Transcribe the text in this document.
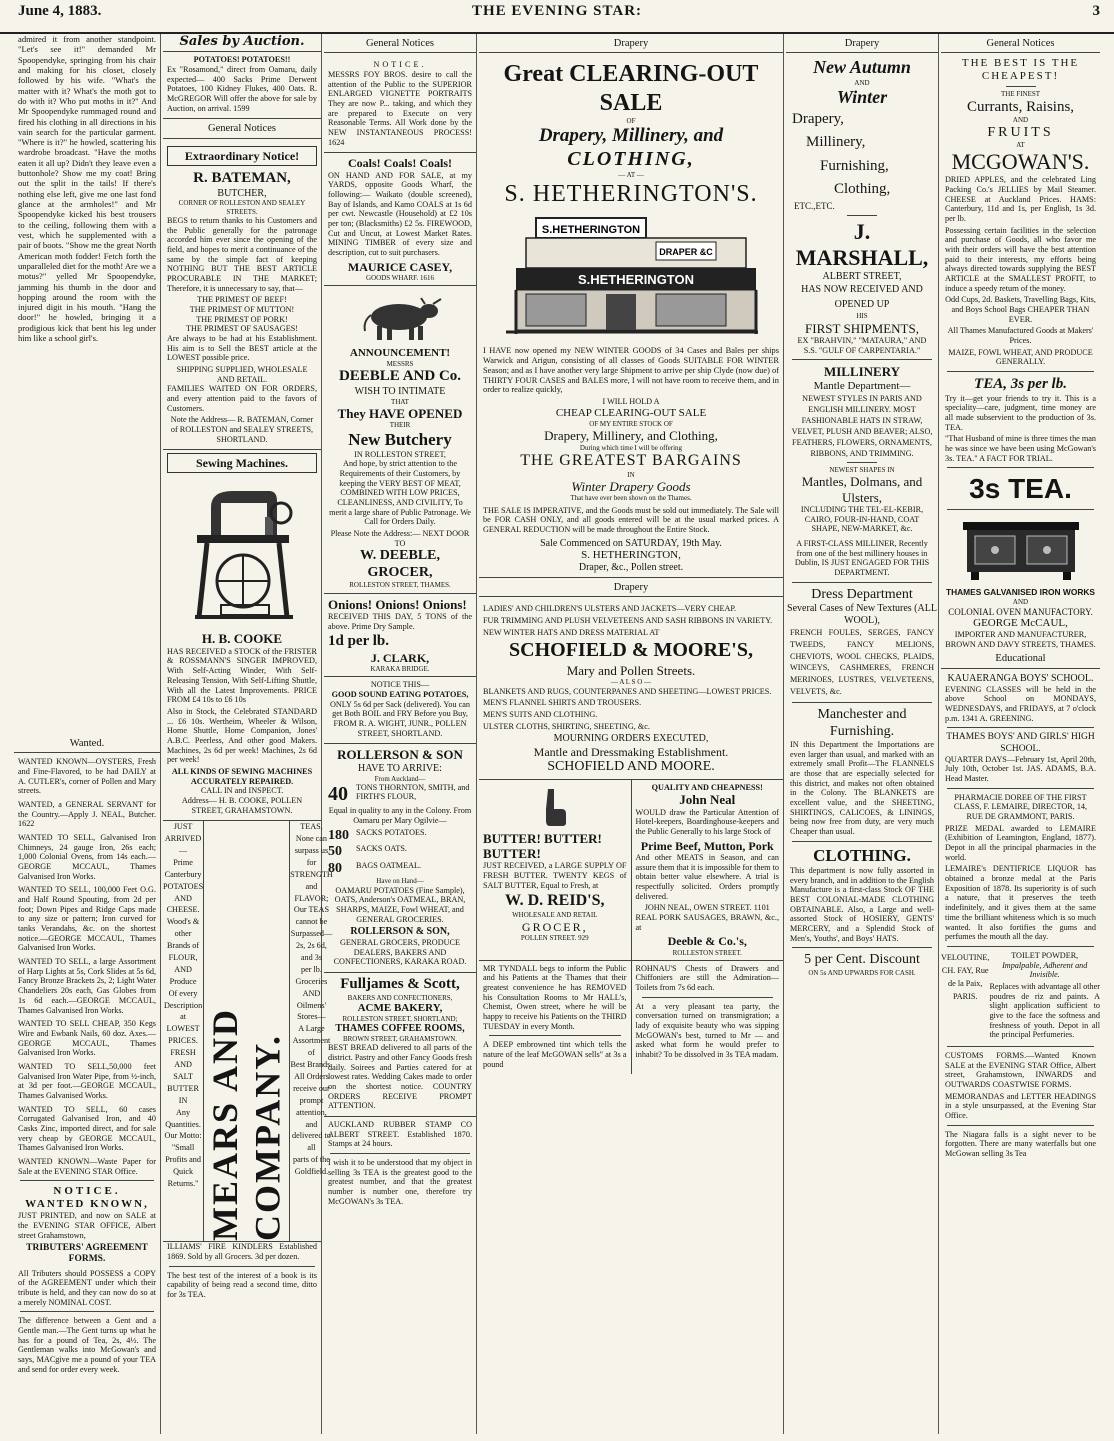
June 4, 1883.	THE EVENING STAR:	3

admired it from another standpoint. "Let's see it!" demanded Mr Spoopendyke, springing from his chair and making for his closet, closely followed by his wife. "What's the matter with it? What's the moth got to do with it? Who put moths in it?" And Mr Spoopendyke rummaged round and fired his clothing in all directions in his vain search for the particular garment. "Where is it?" he howled, scattering his wardrobe broadcast. "Have the moths eaten it all up? Didn't they leave even a buttonhole? Show me my coat! Bring out the split in the tails! If there's nothing else left, give me one last fond glance at the armholes!" and Mr Spoopendyke kicked his best trousers to the ceiling, following them with a vest, which he supplemented with a pair of boots. "Show me the great North American moth fodder! Fetch forth the unparalleled diet for the moth! Are we a motus?" yelled Mr Spoopendyke, jamming his thumb in the door and hopping around the room with the injured digit in his mouth. "Hang the door!" he howled, bringing it a prodigious kick that bent his leg under him like a school girl's.

Wanted.

WANTED KNOWN—OYSTERS, Fresh and Fine-Flavored, to be had DAILY at A. CUTLER's, corner of Pollen and Mary streets.

WANTED, a GENERAL SERVANT for the Country.—Apply J. NEAL, Butcher. 1622

WANTED TO SELL, Galvanised Iron Chimneys, 24 gauge Iron, 26s each; 1,000 Colonial Ovens, from 14s each.—GEORGE MCCAUL, Thames Galvanised Iron Works.

WANTED TO SELL, 100,000 Feet O.G. and Half Round Spouting, from 2d per foot; Down Pipes and Ridge Caps made to any size or pattern; Iron curved for tanks Verandahs, &c. on the shortest notice.—GEORGE MCCAUL, Thames Galvanised Iron Works.

WANTED TO SELL, a large Assortment of Harp Lights at 5s, Cork Slides at 5s 6d, Fancy Bronze Brackets 2s, 2; Light Water Chandeliers 20s each, Gas Globes from 1s 6d each.—GEORGE MCCAUL, Thames Galvanised Iron Works.

WANTED TO SELL CHEAP, 350 Kegs Wire and Ewbank Nails, 60 doz. Axes.—GEORGE MCCAUL, Thames Galvanised Iron Works.

WANTED TO SELL,50,000 feet Galvanised Iron Water Pipe, from ½-inch, at 3d per foot.—GEORGE MCCAUL, Thames Galvanised Works.

WANTED TO SELL, 60 cases Corrugated Galvanised Iron, and 40 Casks Zinc, imported direct, and for sale very cheap by GEORGE MCCAUL, Thames Galvanised Iron Works.

WANTED KNOWN—Waste Paper for Sale at the EVENING STAR Office.

NOTICE.
WANTED KNOWN,

JUST PRINTED, and now on SALE at the EVENING STAR OFFICE, Albert street Grahamstown,

TRIBUTERS' AGREEMENT FORMS.

All Tributers should POSSESS a COPY of the AGREEMENT under which their tribute is held, and they can now do so at a merely NOMINAL COST.

The difference between a Gent and a Gentle man.—The Gent turns up what he has for a pound of Tea, 2s, 4½. The Gentleman walks into McGowan's and says, MACgive me a pound of your TEA and send for order every week.

Sales by Auction.
POTATOES! POTATOES!!

Ex "Rosamond," direct from Oamaru, daily expected— 400 Sacks Prime Derwent Potatoes, 100 Kidney Flukes, 400 Oats. R. McGREGOR Will offer the above for sale by Auction, on arrival. 1599

General Notices
Extraordinary Notice!
R. BATEMAN,
BUTCHER,
CORNER OF ROLLESTON AND SEALEY STREETS.

BEGS to return thanks to his Customers and the Public generally for the patronage accorded him ever since the opening of the field, and hopes to merit a continuance of the same by the simple fact of keeping NOTHING BUT THE BEST ARTICLE PROCURABLE IN THE MARKET; Therefore, it is unnecessary to say, that—

THE PRIMEST OF BEEF!
THE PRIMEST OF MUTTON!
THE PRIMEST OF PORK!
THE PRIMEST OF SAUSAGES!

Are always to be had at his Establishment. His aim is to Sell the BEST article at the LOWEST possible price.

SHIPPING SUPPLIED, WHOLESALE AND RETAIL.

FAMILIES WAITED ON FOR ORDERS, and every attention paid to the favors of Customers.

Note the Address— R. BATEMAN, Corner of ROLLESTON and SEALEY STREETS, SHORTLAND.

Sewing Machines.
H. B. COOKE

HAS RECEIVED a STOCK of the FRISTER & ROSSMANN'S SINGER IMPROVED, With Self-Acting Winder, With Self-Releasing Tension, With Self-Lifting Shuttle, With all the Latest Improvements. PRICE FROM £4 10s to £6 10s

Also in Stock, the Celebrated STANDARD ... £6 10s. Wertheim, Wheeler & Wilson, Home Shuttle, Home Companion, Jones' A.B.C. Peerless, And other good Makers. Machines, 2s 6d per week! Machines, 2s 6d per week!

ALL KINDS OF SEWING MACHINES ACCURATELY REPAIRED.
CALL IN and INSPECT.

Address— H. B. COOKE, POLLEN STREET, GRAHAMSTOWN.

JUST
ARRIVED—
Prime Canterbury
POTATOES
AND
CHEESE.
Wood's & other
Brands of
FLOUR,
AND
Produce
Of every Description at
LOWEST PRICES.
FRESH
AND
SALT
BUTTER
IN
Any Quantities.
Our Motto:
"Small Profits and Quick Returns." MEARS AND COMPANY.
TEAS,
None can surpass us for
STRENGTH and
FLAVOR;
Our TEAS
cannot be
Surpassed—
2s, 2s 6d, and 3s
per lb.
Groceries
AND
Oilmens'
Stores—
A Large
Assortment of
Best Brands.
All Orders
receive our
prompt attention,
and
delivered to all
parts of the
Goldfield.

ILLIAMS' FIRE KINDLERS Established 1869. Sold by all Grocers. 3d per dozen.

The best test of the interest of a book is its capability of being read a second time, ditto for 3s TEA.

General Notices
NOTICE.

MESSRS FOY BROS. desire to call the attention of the Public to the SUPERIOR ENLARGED VIGNETTE PORTRAITS They are now P... taking, and which they are prepared to Execute on very Reasonable Terms. All Work done by the NEW INSTANTANEOUS PROCESS! 1624

Coals! Coals! Coals!

ON HAND AND FOR SALE, at my YARDS, opposite Goods Wharf, the following:— Waikato (double screened), Bay of Islands, and Kamo COALS at 1s 6d per cwt. Newcastle (Household) at £2 10s per ton; (Blacksmiths) £2 5s. FIREWOOD, Cut and Uncut, at Lowest Market Rates. MINING TIMBER of every size and description, cut to suit purchasers.

MAURICE CASEY,
GOODS WHARF. 1616
ANNOUNCEMENT!
MESSRS
DEEBLE AND Co.
WISH TO INTIMATE
THAT
They HAVE OPENED
THEIR
New Butchery
IN ROLLESTON STREET,

And hope, by strict attention to the Requirements of their Customers, by keeping the VERY BEST OF MEAT, COMBINED WITH LOW PRICES, CLEANLINESS, AND CIVILITY, To merit a large share of Public Patronage. We Call for Orders Daily.

Please Note the Address:— NEXT DOOR TO
W. DEEBLE, GROCER,
ROLLESTON STREET, THAMES.
Onions! Onions! Onions!

RECEIVED THIS DAY, 5 TONS of the above. Prime Dry Sample.

1d per lb.
J. CLARK,
KARAKA BRIDGE.
NOTICE THIS—
GOOD SOUND EATING POTATOES,

ONLY 5s 6d per Sack (delivered). You can get Both BOIL and FRY Before you Buy, FROM R. A. WIGHT, JUNR., POLLEN STREET, SHORTLAND.

ROLLERSON & SON
HAVE TO ARRIVE:
From Auckland—
40 TONS THORNTON, SMITH, and FIRTH'S FLOUR,

Equal in quality to any in the Colony. From Oamaru per Mary Ogilvie—

180 SACKS POTATOES.
50	SACKS OATS.
80	BAGS OATMEAL.
Have on Hand—

OAMARU POTATOES (Fine Sample), OATS, Anderson's OATMEAL, BRAN, SHARPS, MAIZE, Fowl WHEAT, and GENERAL GROCERIES.

ROLLERSON & SON,

GENERAL GROCERS, PRODUCE DEALERS, BAKERS AND CONFECTIONERS, KARAKA ROAD.

Fulljames & Scott,
BAKERS AND CONFECTIONERS,
ACME BAKERY,
ROLLESTON STREET, SHORTLAND;
THAMES COFFEE ROOMS,
BROWN STREET, GRAHAMSTOWN.

BEST BREAD delivered to all parts of the district. Pastry and other Fancy Goods fresh daily. Soirees and Parties catered for at lowest rates. Wedding Cakes made to order on the shortest notice. COUNTRY ORDERS RECEIVE PROMPT ATTENTION.

AUCKLAND RUBBER STAMP CO ALBERT STREET. Established 1870. Stamps at 24 hours.

I wish it to be understood that my object in selling 3s TEA is the greatest good to the greatest number, and that the greatest number is number one, therefore try McGOWAN's 3s TEA.

Drapery
Great CLEARING-OUT SALE
OF
Drapery, Millinery, and
CLOTHING,
— AT —
S. HETHERINGTON'S.
S.HETHERINGTON
DRAPER &C
S.HETHERINGTON

I HAVE now opened my NEW WINTER GOODS of 34 Cases and Bales per ships Warwick and Arigun, consisting of all classes of Goods SUITABLE FOR WINTER Season; and as I have another very large Shipment to arrive per ship Clyde (now due) of THIRTY FOUR CASES and BALES more, I will not have room to receive them, and in order to realize quickly,

I WILL HOLD A
CHEAP CLEARING-OUT SALE
OF MY ENTIRE STOCK OF
Drapery, Millinery, and Clothing,
During which time I will be offering
THE GREATEST BARGAINS
IN
Winter Drapery Goods
That have ever been shown on the Thames.

THE SALE IS IMPERATIVE, and the Goods must be sold out immediately. The Sale will be FOR CASH ONLY, and all goods entered will be at the usual marked prices. A GENERAL REDUCTION will be made throughout the Entire Stock.

Sale Commenced on SATURDAY, 19th May.
S. HETHERINGTON,
Draper, &c., Pollen street.
Drapery

LADIES' AND CHILDREN'S ULSTERS AND JACKETS—VERY CHEAP.

FUR TRIMMING AND PLUSH VELVETEENS AND SASH RIBBONS IN VARIETY.

NEW WINTER HATS AND DRESS MATERIAL AT

SCHOFIELD & MOORE'S,
Mary and Pollen Streets.
— A L S O —

BLANKETS AND RUGS, COUNTERPANES AND SHEETING—LOWEST PRICES.

MEN'S FLANNEL SHIRTS AND TROUSERS.

MEN'S SUITS AND CLOTHING.

ULSTER CLOTHS, SHIRTING, SHEETING, &c.

MOURNING ORDERS EXECUTED,
Mantle and Dressmaking Establishment.
SCHOFIELD AND MOORE.
BUTTER! BUTTER! BUTTER!

JUST RECEIVED, a LARGE SUPPLY OF FRESH BUTTER. TWENTY KEGS of SALT BUTTER, Equal to Fresh, at

W. D. REID'S,
WHOLESALE AND RETAIL
GROCER,
POLLEN STREET. 929
QUALITY AND CHEAPNESS!
John Neal

WOULD draw the Particular Attention of Hotel-keepers, Boardinghouse-keepers and the Public Generally to his large Stock of

Prime Beef, Mutton, Pork

And other MEATS in Season, and can assure them that it is impossible for them to obtain better value elsewhere. A trial is respectfully solicited. Orders promptly delivered.

JOHN NEAL, OWEN STREET. 1101

REAL PORK SAUSAGES, BRAWN, &c., at

Deeble & Co.'s,
ROLLESTON STREET.

MR TYNDALL begs to inform the Public and his Patients at the Thames that their greatest convenience he has REMOVED his Consultation Rooms to Mr HALL's, Chemist, Owen street, where he will be happy to receive his Patients on the THIRD TUESDAY in every Month.

A DEEP embrowned tint which tells the nature of the leaf McGOWAN sells" at 3s a pound

ROHNAU'S Chests of Drawers and Chiffoniers are still the Admiration—Toilets from 7s 6d each.

At a very pleasant tea party, the conversation turned on transmigration; a lady of exquisite beauty who was sipping McGOWAN's best, turned to Mr — and asked what form he would prefer to inhabit? To be dissolved in 3s TEA madam.

Drapery
New Autumn
AND
Winter
Drapery,
Millinery,
Furnishing,
Clothing,
ETC., ETC.
J. MARSHALL,
ALBERT STREET,
HAS NOW RECEIVED AND OPENED UP
HIS
FIRST SHIPMENTS,

EX "BRAHVIN," "MATAURA," AND S.S. "GULF OF CARPENTARIA."

MILLINERY
Mantle Department—

NEWEST STYLES IN PARIS AND ENGLISH MILLINERY. MOST FASHIONABLE HATS IN STRAW, VELVET, PLUSH AND BEAVER; ALSO, FEATHERS, FLOWERS, ORNAMENTS, RIBBONS, AND TRIMMING.

NEWEST SHAPES IN
Mantles, Dolmans, and Ulsters,

INCLUDING THE TEL-EL-KEBIR, CAIRO, FOUR-IN-HAND, COAT SHAPE, NEW-MARKET, &c.

A FIRST-CLASS MILLINER, Recently from one of the best millinery houses in Dublin, IS JUST ENGAGED FOR THIS DEPARTMENT.

Dress Department
Several Cases of New Textures (ALL WOOL),

FRENCH FOULES, SERGES, FANCY TWEEDS, FANCY MELIONS, CHEVIOTS, WOOL CHECKS, PLAIDS, WINCEYS, CASHMERES, FRENCH MERINOES, LUSTRES, VELVETEENS, VELVETS, &c.

Manchester and Furnishing.

IN this Department the Importations are even larger than usual, and marked with an extremely small Profit—The FLANNELS are those that are especially selected for this district, and makes not often obtained in the Colony. The BLANKETS are excellent value, and the SHEETING, SHIRTINGS, CALICOES, & LININGS, being now free from duty, are very much Cheaper than usual.

CLOTHING.

This department is now fully assorted in every branch, and in addition to the English Manufacture is a first-class Stock OF THE BEST COLONIAL-MADE CLOTHING OBTAINABLE. Also, a Large and well-assorted Stock of HOSIERY, GENTS' MERCERY, and a Splendid Stock of Men's, Youths', and Boys' HATS.

5 per Cent. Discount
ON 5s AND UPWARDS FOR CASH.
General Notices
THE BEST IS THE CHEAPEST!
THE FINEST
Currants, Raisins,
AND
FRUITS
AT
MCGOWAN'S.

DRIED APPLES, and the celebrated Ling Packing Co.'s JELLIES by Mail Steamer. CHEESE at Auckland Prices. HAMS: Canterbury, 11d and 1s, per English, 1s 3d. per lb.

Possessing certain facilities in the selection and purchase of Goods, all who favor me with their orders will have the best attention paid to their interests, my efforts being always directed towards supplying the BEST ARTICLE at the SMALLEST PROFIT, to induce a speedy return of the money.

Odd Cups, 2d. Baskets, Travelling Bags, Kits, and Boys School Bags CHEAPER THAN EVER.

All Thames Manufactured Goods at Makers' Prices.

MAIZE, FOWL WHEAT, AND PRODUCE GENERALLY.

TEA, 3s per lb.

Try it—get your friends to try it. This is a speciality—care, judgment, time money are all made subservient to the production of 3s. TEA.

"That Husband of mine is three times the man he was since we have been using McGowan's 3s. TEA." A FACT FOR TRIAL.

3s TEA.
THAMES GALVANISED IRON WORKS
AND
COLONIAL OVEN MANUFACTORY.
GEORGE McCAUL,

IMPORTER AND MANUFACTURER, BROWN AND DAVY STREETS, THAMES.

Educational
KAUAERANGA BOYS' SCHOOL.

EVENING CLASSES will be held in the above School on MONDAYS, WEDNESDAYS, and FRIDAYS, at 7 o'clock p.m. 1341 A. GREENING.

THAMES BOYS' AND GIRLS' HIGH SCHOOL.

QUARTER DAYS—February 1st, April 20th, July 10th, October 1st. JAS. ADAMS, B.A. Head Master.

PHARMACIE DOREE OF THE FIRST CLASS, F. LEMAIRE, DIRECTOR, 14, RUE DE GRAMMONT, PARIS.

PRIZE MEDAL awarded to LEMAIRE (Exhibition of Leamington, England, 1877). Depot in all the principal pharmacies in the world.

LEMAIRE's DENTIFRICE LIQUOR has obtained a bronze medal at the Paris Exposition of 1878. Its superiority is of such a nature, that it preserves the teeth indefinitely, and it gives them at the same time the brilliant whiteness which is so much wanted. It also fortifies the gums and perfumes the mouth all the day.

VELOUTINE, CH. FAY, Rue de la Paix, PARIS.

TOILET POWDER,

Impalpable, Adherent and Invisible.

Replaces with advantage all other poudres de riz and paints. A slight application sufficient to give to the face the softness and freshness of youth. Depot in all the principal Perfumeries.

CUSTOMS FORMS.—Wanted Known SALE at the EVENING STAR Office, Albert street, Grahamstown, INWARDS and OUTWARDS COASTWISE FORMS.

MEMORANDAS and LETTER HEADINGS in a style unsurpassed, at the Evening Star Office.

The Niagara falls is a sight never to be forgotten. There are many waterfalls but one McGowan selling 3s Tea
